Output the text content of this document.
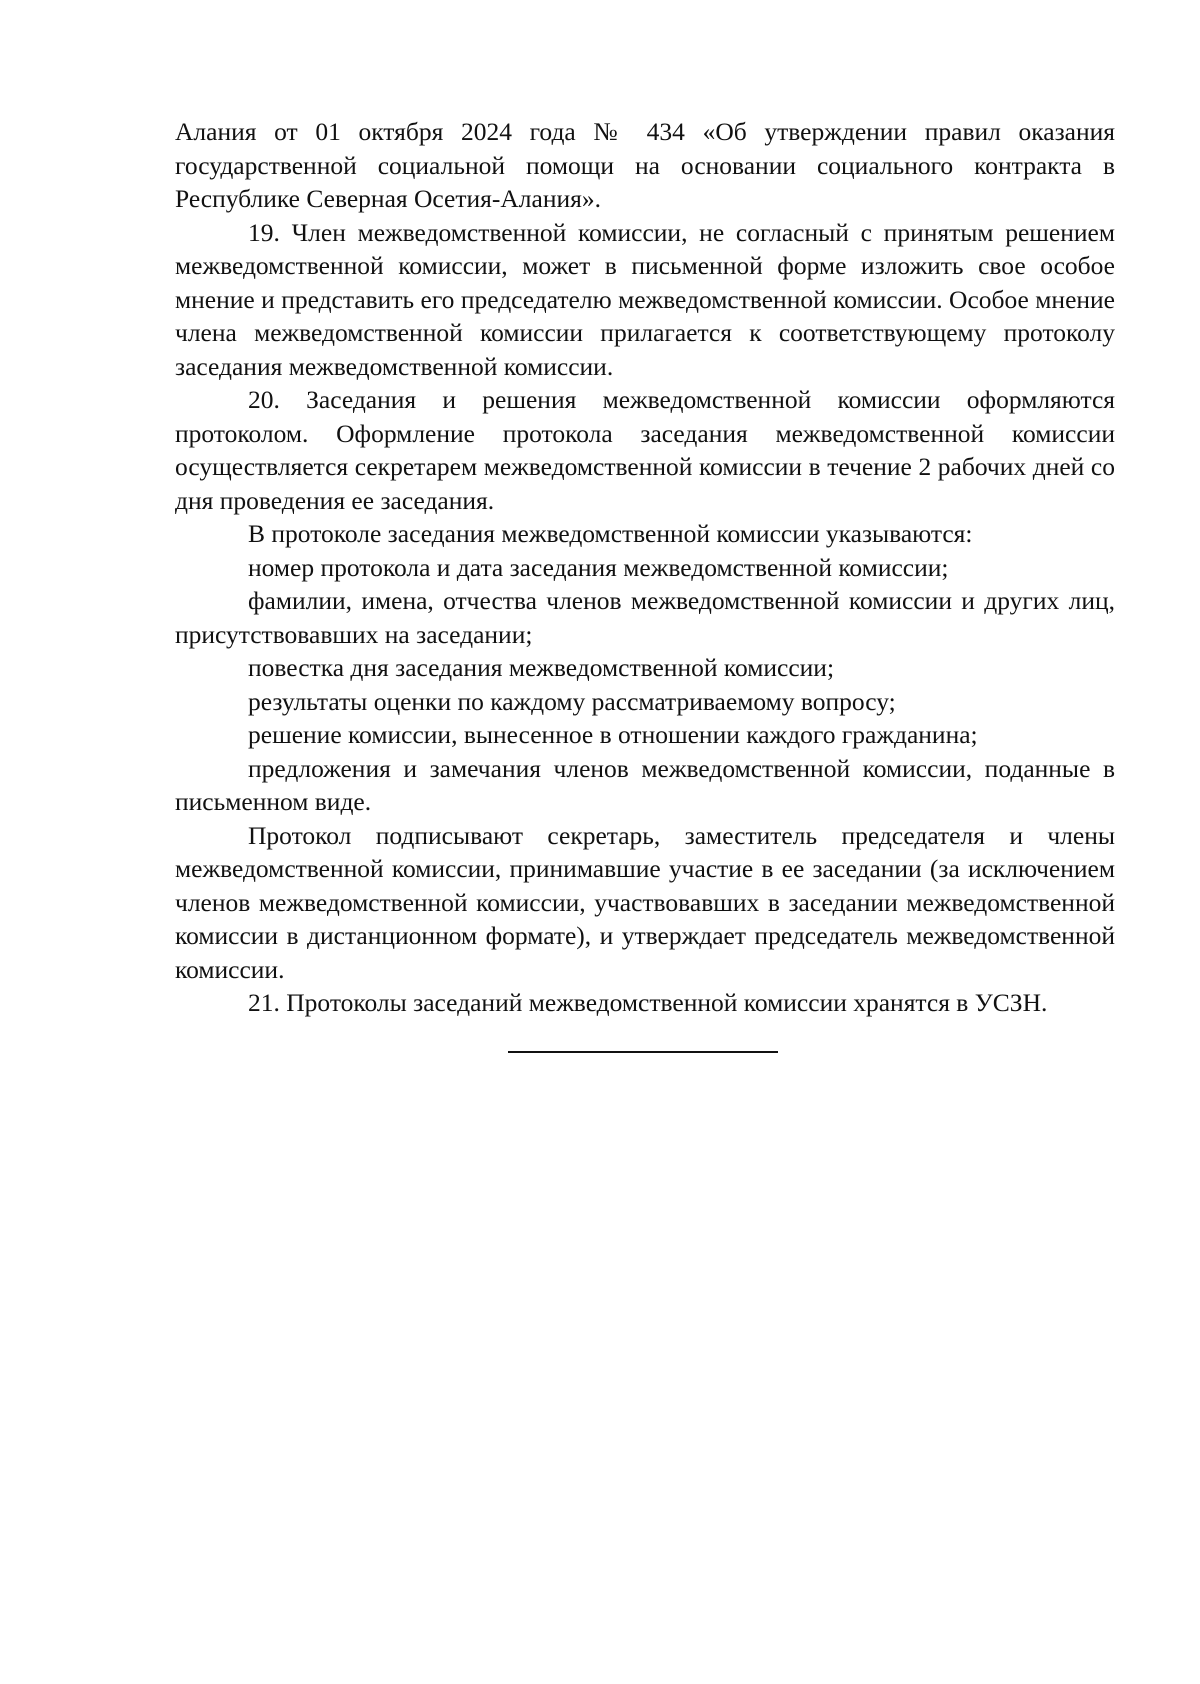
Алания от 01 октября 2024 года № 434 «Об утверждении правил оказания государственной социальной помощи на основании социального контракта в Республике Северная Осетия-Алания».

19. Член межведомственной комиссии, не согласный с принятым решением межведомственной комиссии, может в письменной форме изложить свое особое мнение и представить его председателю межведомственной комиссии. Особое мнение члена межведомственной комиссии прилагается к соответствующему протоколу заседания межведомственной комиссии.

20. Заседания и решения межведомственной комиссии оформляются протоколом. Оформление протокола заседания межведомственной комиссии осуществляется секретарем межведомственной комиссии в течение 2 рабочих дней со дня проведения ее заседания.

В протоколе заседания межведомственной комиссии указываются:

номер протокола и дата заседания межведомственной комиссии;

фамилии, имена, отчества членов межведомственной комиссии и других лиц, присутствовавших на заседании;

повестка дня заседания межведомственной комиссии;

результаты оценки по каждому рассматриваемому вопросу;

решение комиссии, вынесенное в отношении каждого гражданина;

предложения и замечания членов межведомственной комиссии, поданные в письменном виде.

Протокол подписывают секретарь, заместитель председателя и члены межведомственной комиссии, принимавшие участие в ее заседании (за исключением членов межведомственной комиссии, участвовавших в заседании межведомственной комиссии в дистанционном формате), и утверждает председатель межведомственной комиссии.

21. Протоколы заседаний межведомственной комиссии хранятся в УСЗН.
